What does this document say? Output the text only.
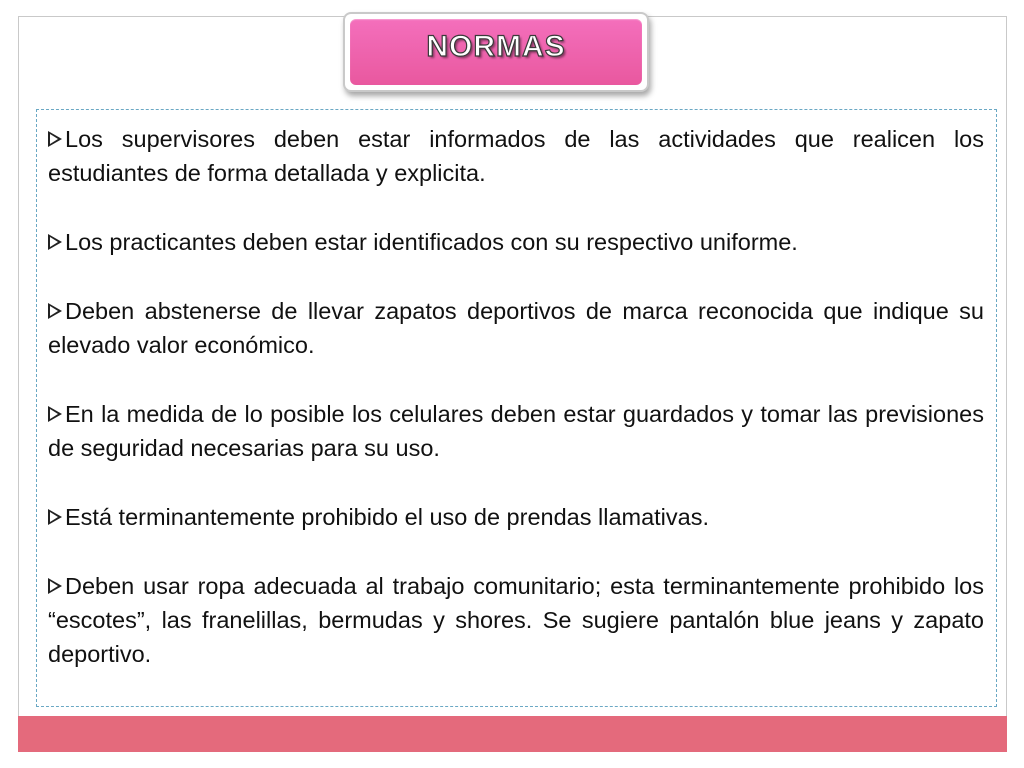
NORMAS
Los supervisores deben estar informados de las actividades que realicen los estudiantes de forma detallada y explicita.
Los practicantes deben estar identificados con su respectivo uniforme.
Deben abstenerse de llevar zapatos deportivos de marca reconocida que indique su elevado valor económico.
En la medida de lo posible los celulares deben estar guardados y tomar las previsiones de seguridad necesarias para su uso.
Está terminantemente prohibido el uso de prendas llamativas.
Deben usar ropa adecuada al trabajo comunitario; esta terminantemente prohibido los “escotes”, las franelillas, bermudas y shores. Se sugiere pantalón blue jeans y zapato deportivo.
